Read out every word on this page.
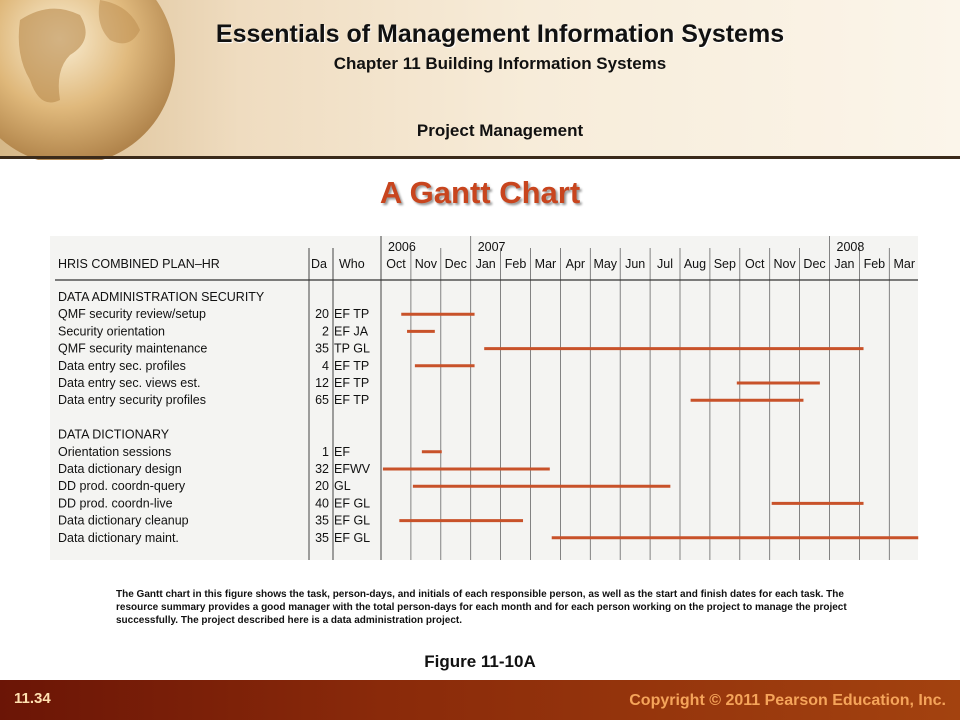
Essentials of Management Information Systems
Chapter 11 Building Information Systems
Project Management
A Gantt Chart
HRIS COMBINED PLAN–HR	Da Who
2006	2007	2008
Oct Nov Dec Jan Feb Mar Apr May Jun Jul Aug Sep Oct Nov Dec Jan Feb Mar
DATA ADMINISTRATION SECURITY
QMF security review/setup	20 EF TP
Security orientation	2 EF JA
QMF security maintenance	35 TP GL
Data entry sec. profiles	4 EF TP
Data entry sec. views est.	12 EF TP
Data entry security profiles	65 EF TP
DATA DICTIONARY
Orientation sessions	1 EF
Data dictionary design	32 EFWV
DD prod. coordn-query	20 GL
DD prod. coordn-live	40 EF GL
Data dictionary cleanup	35 EF GL
Data dictionary maint.	35 EF GL

The Gantt chart in this figure shows the task, person-days, and initials of each responsible person, as well as the start and finish dates for each task. The resource summary provides a good manager with the total person-days for each month and for each person working on the project to manage the project successfully. The project described here is a data administration project.

Figure 11-10A
11.34	Copyright © 2011 Pearson Education, Inc.
